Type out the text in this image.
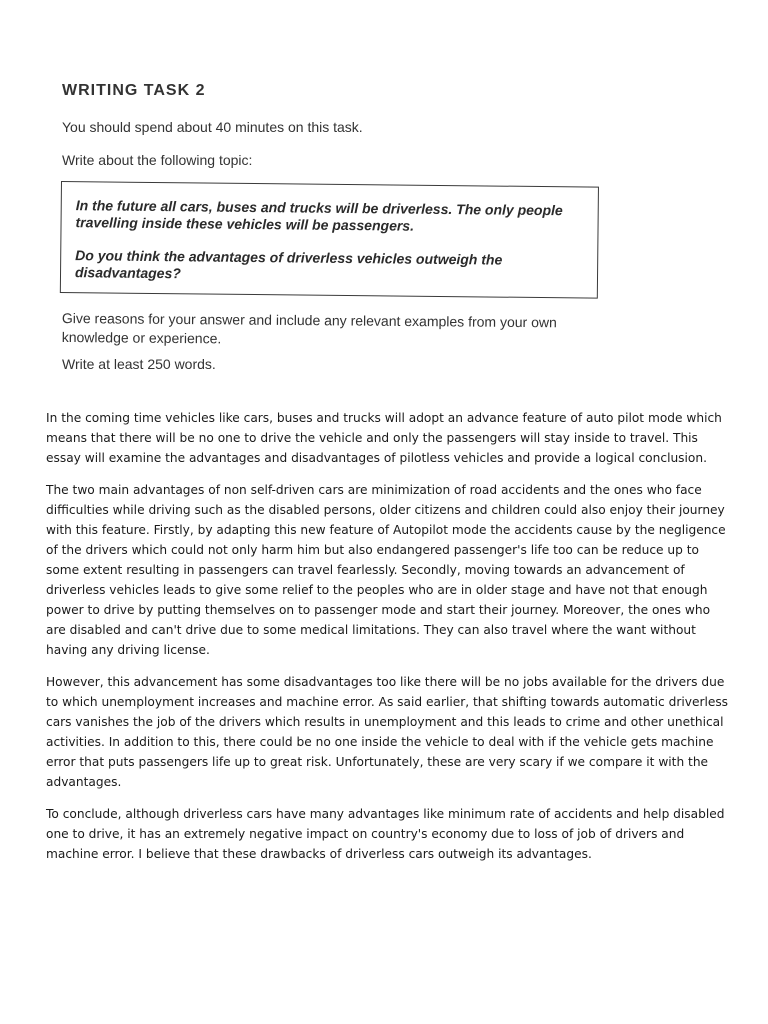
WRITING TASK 2

You should spend about 40 minutes on this task.

Write about the following topic:

In the future all cars, buses and trucks will be driverless. The only people travelling inside these vehicles will be passengers.

Do you think the advantages of driverless vehicles outweigh the disadvantages?

Give reasons for your answer and include any relevant examples from your own knowledge or experience.

Write at least 250 words.

In the coming time vehicles like cars, buses and trucks will adopt an advance feature of auto pilot mode which means that there will be no one to drive the vehicle and only the passengers will stay inside to travel. This essay will examine the advantages and disadvantages of pilotless vehicles and provide a logical conclusion.

The two main advantages of non self-driven cars are minimization of road accidents and the ones who face difficulties while driving such as the disabled persons, older citizens and children could also enjoy their journey with this feature. Firstly, by adapting this new feature of Autopilot mode the accidents cause by the negligence of the drivers which could not only harm him but also endangered passenger's life too can be reduce up to some extent resulting in passengers can travel fearlessly. Secondly, moving towards an advancement of driverless vehicles leads to give some relief to the peoples who are in older stage and have not that enough power to drive by putting themselves on to passenger mode and start their journey. Moreover, the ones who are disabled and can't drive due to some medical limitations. They can also travel where the want without having any driving license.

However, this advancement has some disadvantages too like there will be no jobs available for the drivers due to which unemployment increases and machine error. As said earlier, that shifting towards automatic driverless cars vanishes the job of the drivers which results in unemployment and this leads to crime and other unethical activities. In addition to this, there could be no one inside the vehicle to deal with if the vehicle gets machine error that puts passengers life up to great risk. Unfortunately, these are very scary if we compare it with the advantages.

To conclude, although driverless cars have many advantages like minimum rate of accidents and help disabled one to drive, it has an extremely negative impact on country's economy due to loss of job of drivers and machine error. I believe that these drawbacks of driverless cars outweigh its advantages.
